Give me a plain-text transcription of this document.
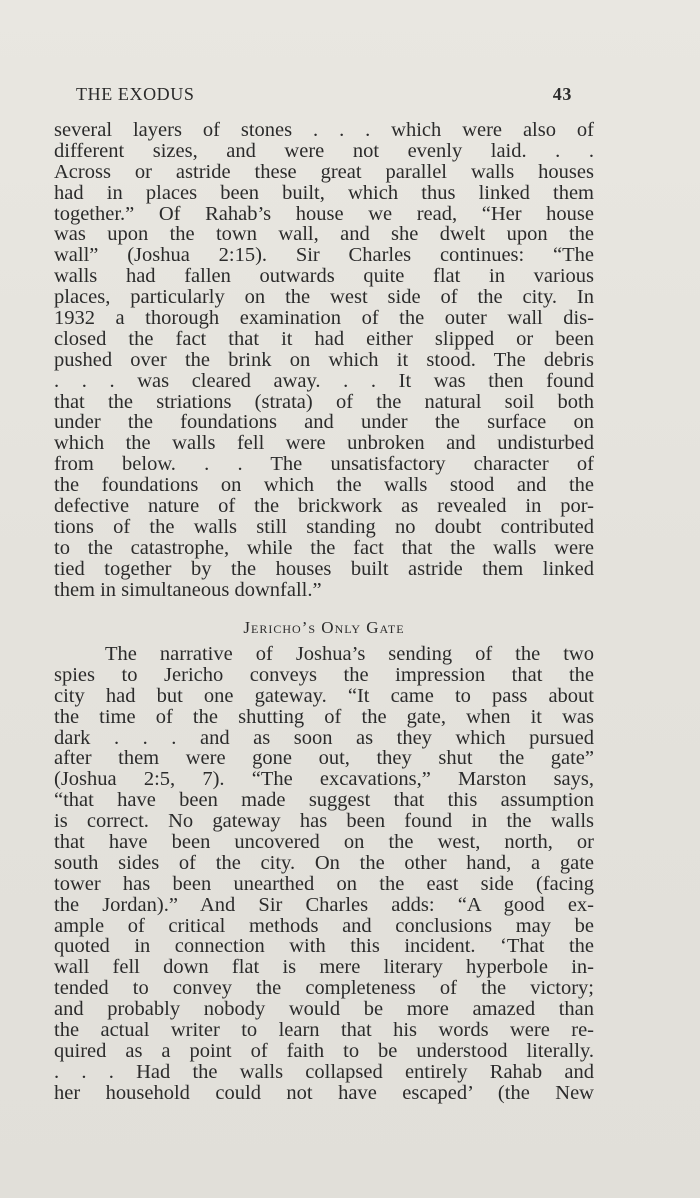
THE EXODUS	43
several layers of stones . . . which were also of
different sizes, and were not evenly laid. . .
Across or astride these great parallel walls houses
had in places been built, which thus linked them
together.” Of Rahab’s house we read, “Her house
was upon the town wall, and she dwelt upon the
wall” (Joshua 2:15). Sir Charles continues: “The
walls had fallen outwards quite flat in various
places, particularly on the west side of the city. In
1932 a thorough examination of the outer wall dis-
closed the fact that it had either slipped or been
pushed over the brink on which it stood. The debris
. . . was cleared away. . . It was then found
that the striations (strata) of the natural soil both
under the foundations and under the surface on
which the walls fell were unbroken and undisturbed
from below. . . The unsatisfactory character of
the foundations on which the walls stood and the
defective nature of the brickwork as revealed in por-
tions of the walls still standing no doubt contributed
to the catastrophe, while the fact that the walls were
tied together by the houses built astride them linked
them in simultaneous downfall.”
Jericho’s Only Gate
The narrative of Joshua’s sending of the two
spies to Jericho conveys the impression that the
city had but one gateway. “It came to pass about
the time of the shutting of the gate, when it was
dark . . . and as soon as they which pursued
after them were gone out, they shut the gate”
(Joshua 2:5, 7). “The excavations,” Marston says,
“that have been made suggest that this assumption
is correct. No gateway has been found in the walls
that have been uncovered on the west, north, or
south sides of the city. On the other hand, a gate
tower has been unearthed on the east side (facing
the Jordan).” And Sir Charles adds: “A good ex-
ample of critical methods and conclusions may be
quoted in connection with this incident. ‘That the
wall fell down flat is mere literary hyperbole in-
tended to convey the completeness of the victory;
and probably nobody would be more amazed than
the actual writer to learn that his words were re-
quired as a point of faith to be understood literally.
. . . Had the walls collapsed entirely Rahab and
her household could not have escaped’ (the New
